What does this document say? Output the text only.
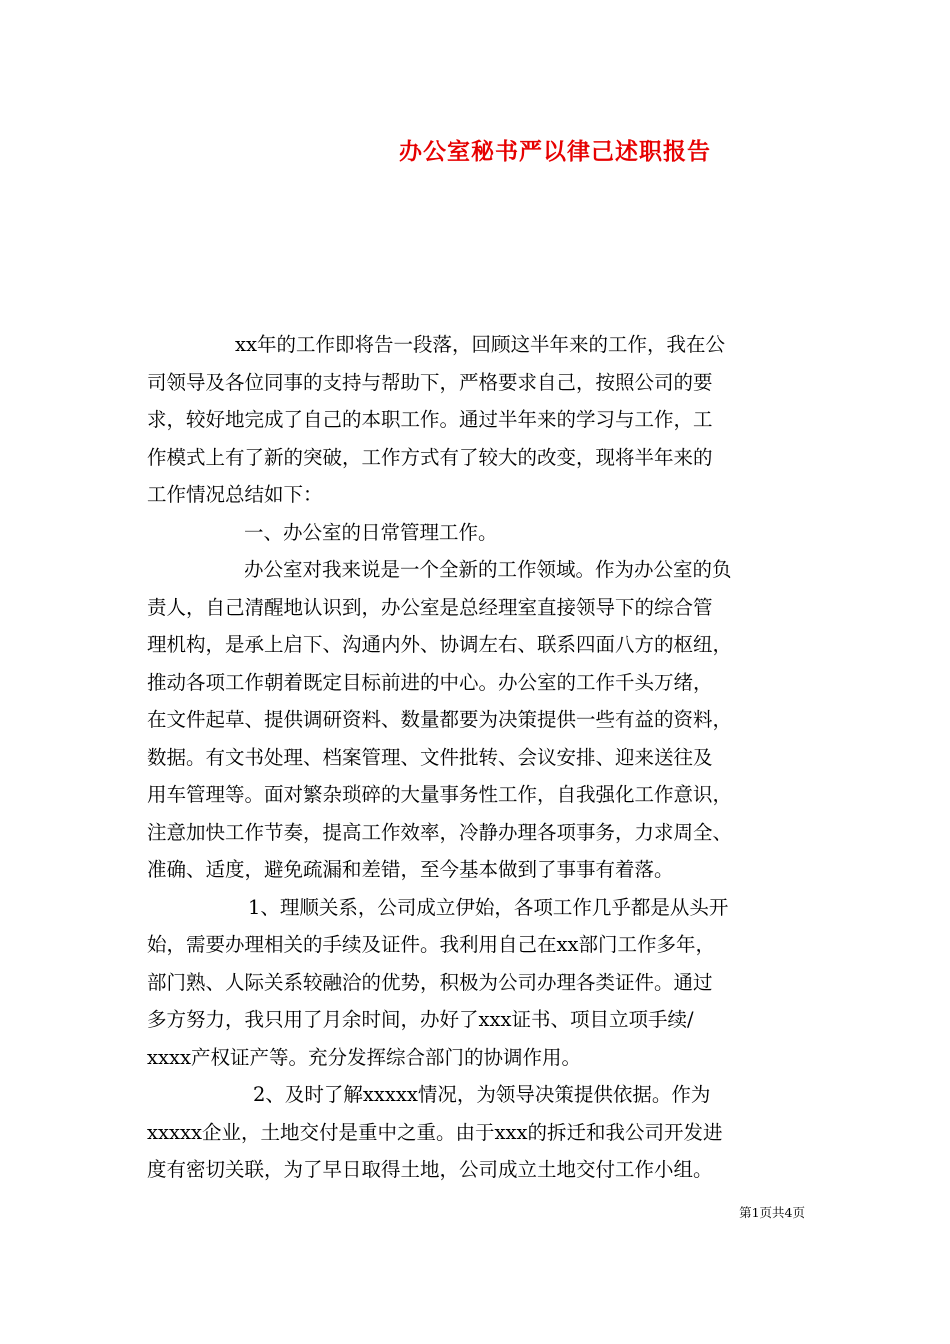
办公室秘书严以律己述职报告
xx年的工作即将告一段落，回顾这半年来的工作，我在公
司领导及各位同事的支持与帮助下，严格要求自己，按照公司的要
求，较好地完成了自己的本职工作。通过半年来的学习与工作，工
作模式上有了新的突破，工作方式有了较大的改变，现将半年来的
工作情况总结如下：
一、办公室的日常管理工作。
办公室对我来说是一个全新的工作领域。作为办公室的负
责人，自己清醒地认识到，办公室是总经理室直接领导下的综合管
理机构，是承上启下、沟通内外、协调左右、联系四面八方的枢纽，
推动各项工作朝着既定目标前进的中心。办公室的工作千头万绪，
在文件起草、提供调研资料、数量都要为决策提供一些有益的资料，
数据。有文书处理、档案管理、文件批转、会议安排、迎来送往及
用车管理等。面对繁杂琐碎的大量事务性工作，自我强化工作意识，
注意加快工作节奏，提高工作效率，冷静办理各项事务，力求周全、
准确、适度，避免疏漏和差错，至今基本做到了事事有着落。
1、理顺关系，公司成立伊始，各项工作几乎都是从头开
始，需要办理相关的手续及证件。我利用自己在xx部门工作多年，
部门熟、人际关系较融洽的优势，积极为公司办理各类证件。通过
多方努力，我只用了月余时间，办好了xxx证书、项目立项手续/
xxxx产权证产等。充分发挥综合部门的协调作用。
2、及时了解xxxxx情况，为领导决策提供依据。作为
xxxxx企业，土地交付是重中之重。由于xxx的拆迁和我公司开发进
度有密切关联，为了早日取得土地，公司成立土地交付工作小组。
第1页共4页
